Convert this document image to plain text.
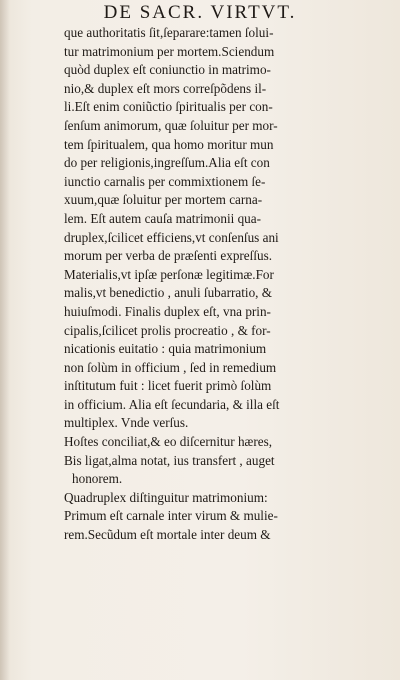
DE SACR. VIRTVT.
que authoritatis ſit,ſeparare:tamen ſolui-
tur matrimonium per mortem.Sciendum
quòd duplex eſt coniunctio in matrimo-
nio,& duplex eſt mors correſpõdens il-
li.Eſt enim coniũctio ſpiritualis per con-
ſenſum animorum, quæ ſoluitur per mor-
tem ſpiritualem, qua homo moritur mun
do per religionis,ingreſſum.Alia eſt con
iunctio carnalis per commixtionem ſe-
xuum,quæ ſoluitur per mortem carna-
lem. Eſt autem cauſa matrimonii qua-
druplex,ſcilicet efficiens,vt conſenſus ani
morum per verba de præſenti expreſſus.
Materialis,vt ipſæ perſonæ legitimæ.For
malis,vt benedictio , anuli ſubarratio, &
huiuſmodi. Finalis duplex eſt, vna prin-
cipalis,ſcilicet prolis procreatio , & for-
nicationis euitatio : quia matrimonium
non ſolùm in officium , ſed in remedium
inſtitutum fuit : licet fuerit primò ſolùm
in officium. Alia eſt ſecundaria, & illa eſt
multiplex. Vnde verſus.
Hoſtes conciliat,& eo diſcernitur hæres,
Bis ligat,alma notat, ius transfert , auget
honorem.
Quadruplex diſtinguitur matrimonium:
Primum eſt carnale inter virum & mulie-
rem.Secũdum eſt mortale inter deum &
